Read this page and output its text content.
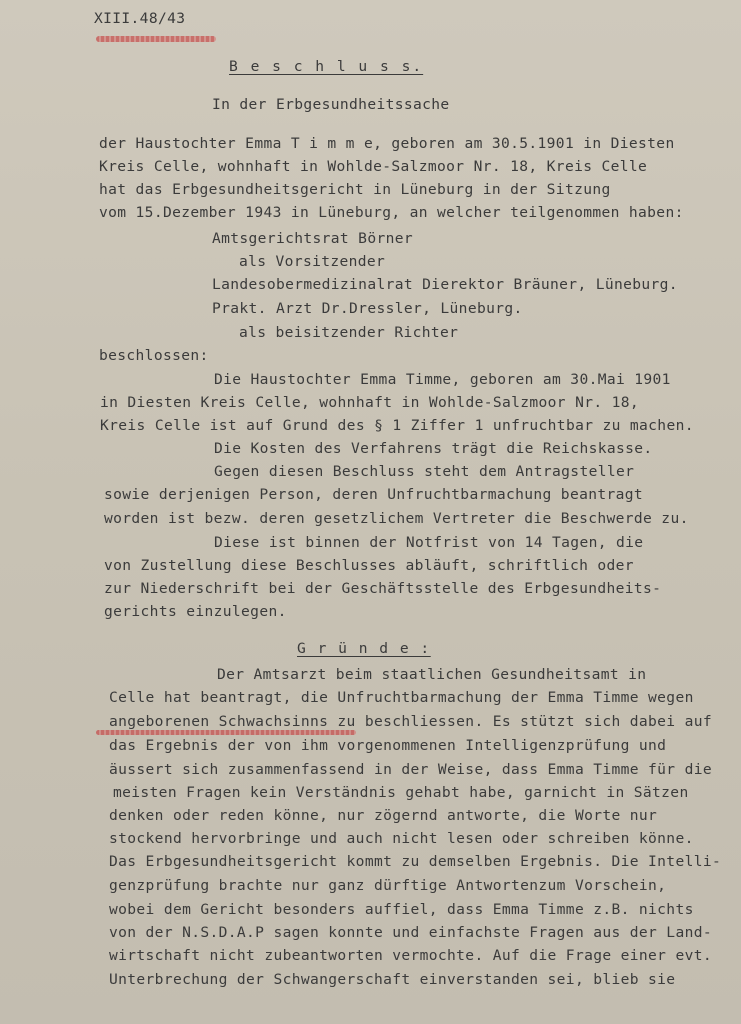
XIII.48/43
B e s c h l u s s.
In der Erbgesundheitssache
der Haustochter Emma T i m m e, geboren am 30.5.1901 in Diesten
Kreis Celle, wohnhaft in Wohlde-Salzmoor Nr. 18, Kreis Celle
hat das Erbgesundheitsgericht in Lüneburg in der Sitzung
vom 15.Dezember 1943 in Lüneburg, an welcher teilgenommen haben:
Amtsgerichtsrat Börner
als Vorsitzender
Landesobermedizinalrat Dierektor Bräuner, Lüneburg.
Prakt. Arzt Dr.Dressler, Lüneburg.
als beisitzender Richter
beschlossen:
Die Haustochter Emma Timme, geboren am 30.Mai 1901
in Diesten Kreis Celle, wohnhaft in Wohlde-Salzmoor Nr. 18,
Kreis Celle ist auf Grund des § 1 Ziffer 1 unfruchtbar zu machen.
Die Kosten des Verfahrens trägt die Reichskasse.
Gegen diesen Beschluss steht dem Antragsteller
sowie derjenigen Person, deren Unfruchtbarmachung beantragt
worden ist bezw. deren gesetzlichem Vertreter die Beschwerde zu.
Diese ist binnen der Notfrist von 14 Tagen, die
von Zustellung diese Beschlusses abläuft, schriftlich oder
zur Niederschrift bei der Geschäftsstelle des Erbgesundheits-
gerichts einzulegen.
G r ü n d e :
Der Amtsarzt beim staatlichen Gesundheitsamt in
Celle hat beantragt, die Unfruchtbarmachung der Emma Timme wegen
angeborenen Schwachsinns zu beschliessen. Es stützt sich dabei auf
das Ergebnis der von ihm vorgenommenen Intelligenzprüfung und
äussert sich zusammenfassend in der Weise, dass Emma Timme für die
meisten Fragen kein Verständnis gehabt habe, garnicht in Sätzen
denken oder reden könne, nur zögernd antworte, die Worte nur
stockend hervorbringe und auch nicht lesen oder schreiben könne.
Das Erbgesundheitsgericht kommt zu demselben Ergebnis. Die Intelli-
genzprüfung brachte nur ganz dürftige Antwortenzum Vorschein,
wobei dem Gericht besonders auffiel, dass Emma Timme z.B. nichts
von der N.S.D.A.P sagen konnte und einfachste Fragen aus der Land-
wirtschaft nicht zubeantworten vermochte. Auf die Frage einer evt.
Unterbrechung der Schwangerschaft einverstanden sei, blieb sie
